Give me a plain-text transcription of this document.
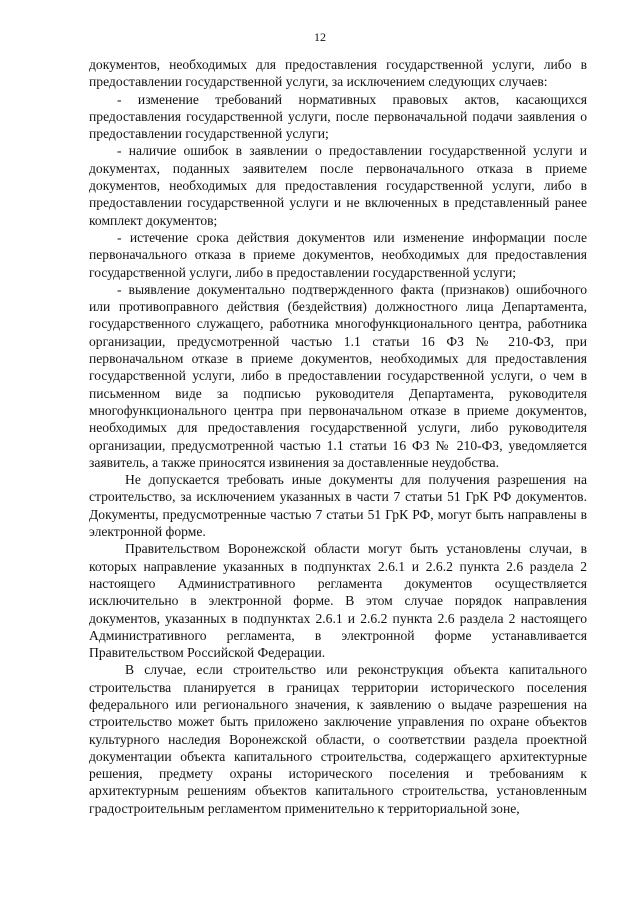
12

документов, необходимых для предоставления государственной услуги, либо в предоставлении государственной услуги, за исключением следующих случаев:

- изменение требований нормативных правовых актов, касающихся предоставления государственной услуги, после первоначальной подачи заявления о предоставлении государственной услуги;

- наличие ошибок в заявлении о предоставлении государственной услуги и документах, поданных заявителем после первоначального отказа в приеме документов, необходимых для предоставления государственной услуги, либо в предоставлении государственной услуги и не включенных в представленный ранее комплект документов;

- истечение срока действия документов или изменение информации после первоначального отказа в приеме документов, необходимых для предоставления государственной услуги, либо в предоставлении государственной услуги;

- выявление документально подтвержденного факта (признаков) ошибочного или противоправного действия (бездействия) должностного лица Департамента, государственного служащего, работника многофункционального центра, работника организации, предусмотренной частью 1.1 статьи 16 ФЗ № 210-ФЗ, при первоначальном отказе в приеме документов, необходимых для предоставления государственной услуги, либо в предоставлении государственной услуги, о чем в письменном виде за подписью руководителя Департамента, руководителя многофункционального центра при первоначальном отказе в приеме документов, необходимых для предоставления государственной услуги, либо руководителя организации, предусмотренной частью 1.1 статьи 16 ФЗ № 210-ФЗ, уведомляется заявитель, а также приносятся извинения за доставленные неудобства.

Не допускается требовать иные документы для получения разрешения на строительство, за исключением указанных в части 7 статьи 51 ГрК РФ документов. Документы, предусмотренные частью 7 статьи 51 ГрК РФ, могут быть направлены в электронной форме.

Правительством Воронежской области могут быть установлены случаи, в которых направление указанных в подпунктах 2.6.1 и 2.6.2 пункта 2.6 раздела 2 настоящего Административного регламента документов осуществляется исключительно в электронной форме. В этом случае порядок направления документов, указанных в подпунктах 2.6.1 и 2.6.2 пункта 2.6 раздела 2 настоящего Административного регламента, в электронной форме устанавливается Правительством Российской Федерации.

В случае, если строительство или реконструкция объекта капитального строительства планируется в границах территории исторического поселения федерального или регионального значения, к заявлению о выдаче разрешения на строительство может быть приложено заключение управления по охране объектов культурного наследия Воронежской области, о соответствии раздела проектной документации объекта капитального строительства, содержащего архитектурные решения, предмету охраны исторического поселения и требованиям к архитектурным решениям объектов капитального строительства, установленным градостроительным регламентом применительно к территориальной зоне,
